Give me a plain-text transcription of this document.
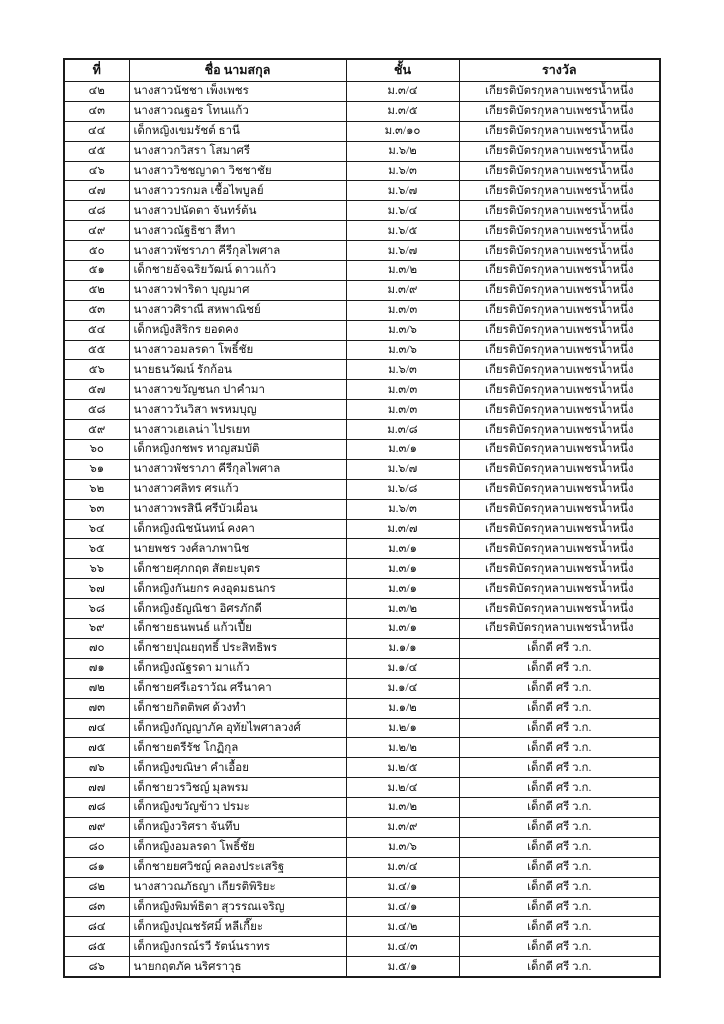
ที่	ชื่อ นามสกุล	ชั้น	รางวัล
๔๒	นางสาวนัชชา เพ็งเพชร	ม.๓/๔	เกียรติบัตรกุหลาบเพชรน้ำหนึ่ง
๔๓	นางสาวณฐอร โทนแก้ว	ม.๓/๕	เกียรติบัตรกุหลาบเพชรน้ำหนึ่ง
๔๔	เด็กหญิงเขมรัชต์ ธานี	ม.๓/๑๐	เกียรติบัตรกุหลาบเพชรน้ำหนึ่ง
๔๕	นางสาวกวิสรา โสมาศรี	ม.๖/๒	เกียรติบัตรกุหลาบเพชรน้ำหนึ่ง
๔๖	นางสาววิชชญาดา วิชชาชัย	ม.๖/๓	เกียรติบัตรกุหลาบเพชรน้ำหนึ่ง
๔๗	นางสาววรกมล เชื้อไพบูลย์	ม.๖/๗	เกียรติบัตรกุหลาบเพชรน้ำหนึ่ง
๔๘	นางสาวปนัดตา จันทร์ต้น	ม.๖/๔	เกียรติบัตรกุหลาบเพชรน้ำหนึ่ง
๔๙	นางสาวณัฐธิชา สีทา	ม.๖/๕	เกียรติบัตรกุหลาบเพชรน้ำหนึ่ง
๕๐	นางสาวพัชราภา คีรีกุลไพศาล	ม.๖/๗	เกียรติบัตรกุหลาบเพชรน้ำหนึ่ง
๕๑	เด็กชายอัจฉริยวัฒน์ ดาวแก้ว	ม.๓/๒	เกียรติบัตรกุหลาบเพชรน้ำหนึ่ง
๕๒	นางสาวฟาริดา บุญมาศ	ม.๓/๙	เกียรติบัตรกุหลาบเพชรน้ำหนึ่ง
๕๓	นางสาวศิราณี สหพาณิชย์	ม.๓/๓	เกียรติบัตรกุหลาบเพชรน้ำหนึ่ง
๕๔	เด็กหญิงสิริกร ยอดคง	ม.๓/๖	เกียรติบัตรกุหลาบเพชรน้ำหนึ่ง
๕๕	นางสาวอมลรดา โพธิ์ชัย	ม.๓/๖	เกียรติบัตรกุหลาบเพชรน้ำหนึ่ง
๕๖	นายธนวัฒน์ รักก้อน	ม.๖/๓	เกียรติบัตรกุหลาบเพชรน้ำหนึ่ง
๕๗	นางสาวขวัญชนก ปาคำมา	ม.๓/๓	เกียรติบัตรกุหลาบเพชรน้ำหนึ่ง
๕๘	นางสาววันวิสา พรหมบุญ	ม.๓/๓	เกียรติบัตรกุหลาบเพชรน้ำหนึ่ง
๕๙	นางสาวเฮเลน่า ไปรเยท	ม.๓/๘	เกียรติบัตรกุหลาบเพชรน้ำหนึ่ง
๖๐	เด็กหญิงกชพร หาญสมบัติ	ม.๓/๑	เกียรติบัตรกุหลาบเพชรน้ำหนึ่ง
๖๑	นางสาวพัชราภา คีรีกุลไพศาล	ม.๖/๗	เกียรติบัตรกุหลาบเพชรน้ำหนึ่ง
๖๒	นางสาวศลิทร ศรแก้ว	ม.๖/๘	เกียรติบัตรกุหลาบเพชรน้ำหนึ่ง
๖๓	นางสาวพรสินี ศรีบัวเผื่อน	ม.๖/๓	เกียรติบัตรกุหลาบเพชรน้ำหนึ่ง
๖๔	เด็กหญิงณิชนันทน์ คงคา	ม.๓/๗	เกียรติบัตรกุหลาบเพชรน้ำหนึ่ง
๖๕	นายพชร วงศ์ลาภพานิช	ม.๓/๑	เกียรติบัตรกุหลาบเพชรน้ำหนึ่ง
๖๖	เด็กชายศุภกฤต สัตยะบุตร	ม.๓/๑	เกียรติบัตรกุหลาบเพชรน้ำหนึ่ง
๖๗	เด็กหญิงกันยกร คงอุดมธนกร	ม.๓/๑	เกียรติบัตรกุหลาบเพชรน้ำหนึ่ง
๖๘	เด็กหญิงธัญณิชา อิศรภักดี	ม.๓/๒	เกียรติบัตรกุหลาบเพชรน้ำหนึ่ง
๖๙	เด็กชายธนพนธ์ แก้วเปี้ย	ม.๓/๑	เกียรติบัตรกุหลาบเพชรน้ำหนึ่ง
๗๐	เด็กชายปุณยฤทธิ์ ประสิทธิพร	ม.๑/๑	เด็กดี ศรี ว.ก.
๗๑	เด็กหญิงณัฐรดา มาแก้ว	ม.๑/๔	เด็กดี ศรี ว.ก.
๗๒	เด็กชายศรีเอราวัณ ศรีนาคา	ม.๑/๔	เด็กดี ศรี ว.ก.
๗๓	เด็กชายกิตติพศ ด้วงทำ	ม.๑/๒	เด็กดี ศรี ว.ก.
๗๔	เด็กหญิงกัญญาภัค อุทัยไพศาลวงศ์	ม.๒/๑	เด็กดี ศรี ว.ก.
๗๕	เด็กชายตรีรัช โกฏิกุล	ม.๒/๒	เด็กดี ศรี ว.ก.
๗๖	เด็กหญิงขณิษา คำเอื้อย	ม.๒/๕	เด็กดี ศรี ว.ก.
๗๗	เด็กชายวรวิชญ์ มุลพรม	ม.๒/๔	เด็กดี ศรี ว.ก.
๗๘	เด็กหญิงขวัญข้าว ปรมะ	ม.๓/๒	เด็กดี ศรี ว.ก.
๗๙	เด็กหญิงวริศรา จันทึบ	ม.๓/๙	เด็กดี ศรี ว.ก.
๘๐	เด็กหญิงอมลรดา โพธิ์ชัย	ม.๓/๖	เด็กดี ศรี ว.ก.
๘๑	เด็กชายยศวิชญ์ คลองประเสริฐ	ม.๓/๔	เด็กดี ศรี ว.ก.
๘๒	นางสาวณภัธญา เกียรติพิริยะ	ม.๔/๑	เด็กดี ศรี ว.ก.
๘๓	เด็กหญิงพิมพ์ธิตา สุวรรณเจริญ	ม.๔/๑	เด็กดี ศรี ว.ก.
๘๔	เด็กหญิงปุณชรัศมิ์ หลีเกี๊ยะ	ม.๔/๒	เด็กดี ศรี ว.ก.
๘๕	เด็กหญิงกรณ์รวี รัตน์นราทร	ม.๔/๓	เด็กดี ศรี ว.ก.
๘๖	นายกฤตภัค นริศราวุธ	ม.๕/๑	เด็กดี ศรี ว.ก.
